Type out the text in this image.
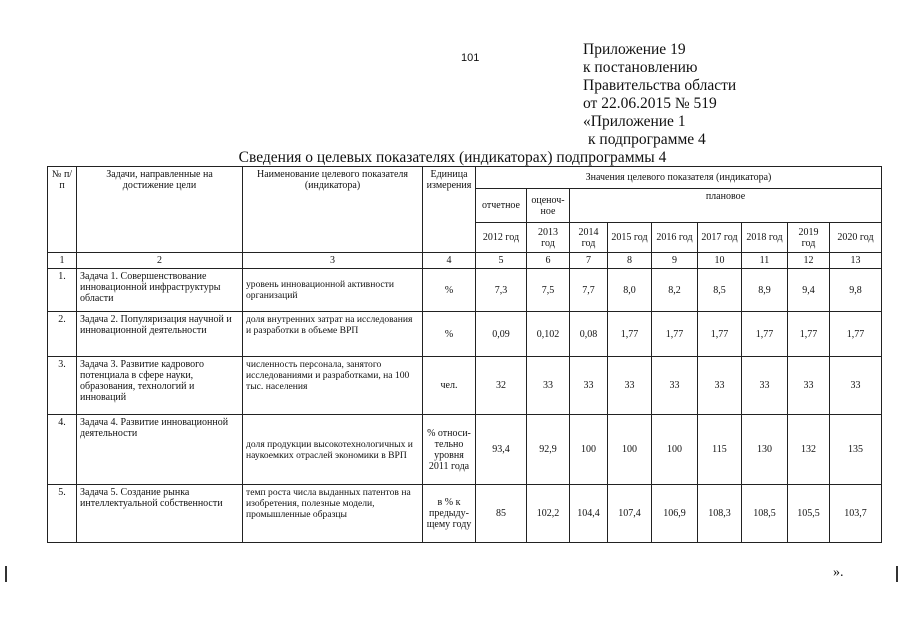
101	Приложение 19
к постановлению
Правительства области
от 22.06.2015 № 519
«Приложение 1
к подпрограмме 4
Сведения о целевых показателях (индикаторах) подпрограммы 4
№ п/п	Задачи, направленные на достижение цели	Наименование целевого показателя (индикатора)	Единица измерения	Значения целевого показателя (индикатора)								
				отчетное	оценоч-ное	плановое						
				2012 год	2013 год	2014 год	2015 год	2016 год	2017 год	2018 год	2019 год	2020 год
1	2	3	4	5	6	7	8	9	10	11	12	13
1.	Задача 1. Совершенствование инновационной инфраструктуры области	уровень инновационной активности организаций	%	7,3	7,5	7,7	8,0	8,2	8,5	8,9	9,4	9,8
2.	Задача 2. Популяризация научной и инновационной деятельности	доля внутренних затрат на исследования и разработки в объеме ВРП	%	0,09	0,102	0,08	1,77	1,77	1,77	1,77	1,77	1,77
3.	Задача 3. Развитие кадрового потенциала в сфере науки, образования, технологий и инноваций	численность персонала, занятого исследованиями и разработками, на 100 тыс. населения	чел.	32	33	33	33	33	33	33	33	33
4.	Задача 4. Развитие инновационной деятельности	доля продукции высокотехнологичных и наукоемких отраслей экономики в ВРП	% относи-тельно уровня 2011 года	93,4	92,9	100	100	100	115	130	132	135
5.	Задача 5. Создание рынка интеллектуальной собственности	темп роста числа выданных патентов на изобретения, полезные модели, промышленные образцы	в % к предыду-щему году	85	102,2	104,4	107,4	106,9	108,3	108,5	105,5	103,7
».
